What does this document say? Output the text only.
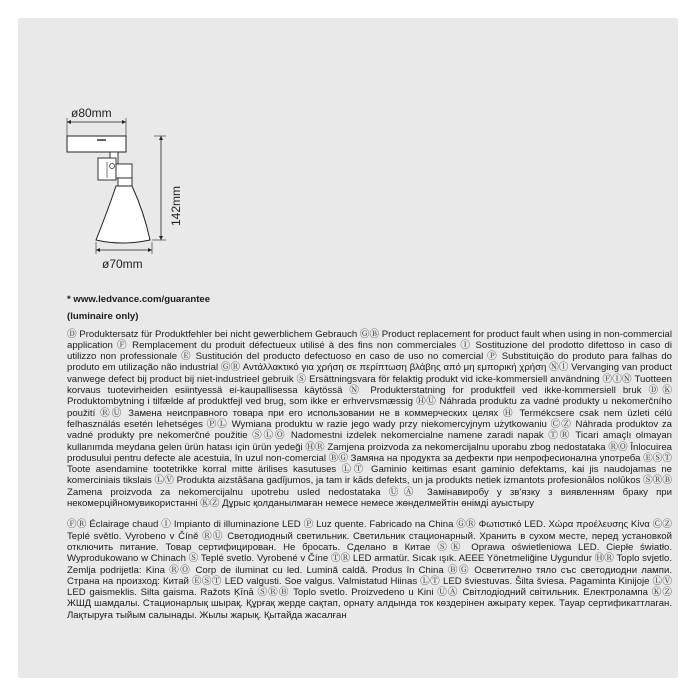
ø80mm
142mm
ø70mm
* www.ledvance.com/guarantee
(luminaire only)

Ⓓ Produktersatz für Produktfehler bei nicht gewerblichem Gebrauch ⒼⒷ Product replacement for product fault when using in non-commercial application Ⓕ Remplacement du produit défectueux utilisé à des fins non commerciales Ⓘ Sostituzione del prodotto difettoso in caso di utilizzo non professionale Ⓔ Sustitución del producto defectuoso en caso de uso no comercial Ⓟ Substituição do produto para falhas do produto em utilização não industrial ⒼⓇ Αντάλλακτικό για χρήση σε περίπτωση βλάβης από μη εμπορική χρήση Ⓝⓛ Vervanging van product vanwege defect bij product bij niet-industrieel gebruik Ⓢ Ersättningsvara för felaktig produkt vid icke-kommersiell användning ⒻⒾⓃ Tuotteen korvaus tuotevirheiden esiintyessä ei-kaupallisessa käytössä Ⓝ Produkterstatning for produktfeil ved ikke-kommersiell bruk ⒹⓀ Produktombytning i tilfælde af produktfejl ved brug, som ikke er erhvervsmæssig ⒽⓊ Náhrada produktu za vadné produkty u nekomerčního použití ⓇⓊ Замена неисправного товара при его использовании не в коммерческих целях Ⓗ Termékcsere csak nem üzleti célú felhasználás esetén lehetséges ⓅⓁ Wymiana produktu w razie jego wady przy niekomercyjnym użytkowaniu ⒸⓏ Náhrada produktov za vadné produkty pre nekomerčné použitie ⓈⓁⓄ Nadomestni izdelek nekomercialne namene zaradi napak ⓉⓇ Ticari amaçlı olmayan kullanımda meydana gelen ürün hatası için ürün yedeği ⒽⓇ Zamjena proizvoda za nekomercijalnu uporabu zbog nedostataka ⓇⓄ Înlocuirea produsului pentru defecte ale acestuia, în uzul non-comercial ⒷⒼ Замяна на продукта за дефекти при непрофесионална употреба ⒺⓈⓉ Toote asendamine tootetrikke korral mitte ärilises kasutuses ⓁⓉ Gaminio keitimas esant gaminio defektams, kai jis naudojamas ne komerciniais tikslais ⓁⓋ Produkta aizstāšana gadījumos, ja tam ir kāds defekts, un ja produkts netiek izmantots profesionālos nolūkos ⓈⓇⒷ Zamena proizvoda za nekomercijalnu upotrebu usled nedostataka ⓊⒶ Замінавиробу у зв'язку з виявленням браку при некомерційномувикористанні ⓀⓏ Дұрыс қолданылмаған немесе немесе жөнделмейтін өнімді ауыстыру

ⒻⓇ Éclairage chaud Ⓘ Impianto di illuminazione LED Ⓟ Luz quente. Fabricado na China ⒼⓇ Φωτιστικό LED. Χώρα προέλευσης Κίνα ⒸⓏ Teplé světlo. Vyrobeno v Číně ⓇⓊ Светодиодный светильник. Светильник стационарный. Хранить в сухом месте, перед установкой отключить питание. Товар сертифицирован. Не бросать. Сделано в Китае ⓈⓀ Oprawa oświetleniowa LED. Ciepłe światło. Wyprodukowano w Chinach Ⓢ Teplé svetlo. Vyrobené v Číne ⓉⓇ LED armatür. Sıcak ışık. AEEE Yönetmeliğine Uygundur ⒽⓇ Toplo svjetlo. Zemlja podrijetla: Kina ⓇⓄ Corp de iluminat cu led. Lumină caldă. Produs în China ⒷⒼ Осветително тяло със светодиодни лампи. Страна на произход: Китай ⒺⓈⓉ LED valgusti. Soe valgus. Valmistatud Hiinas ⓁⓉ LED šviestuvas. Šilta šviesa. Pagaminta Kinijoje ⓁⓋ LED gaismeklis. Silta gaisma. Ražots Ķīnā ⓈⓇⒷ Toplo svetlo. Proizvedeno u Kini ⓊⒶ Світлодіодний світильник. Електролампа ⓀⓏ ЖШД шамдалы. Стационарлық шырақ. Құрғақ жерде сақтап, орнату алдында ток көздерінен ажырату керек. Тауар сертификаттлаган. Лақтыруға тыйым салынады. Жылы жарық. Қытайда жасалған
